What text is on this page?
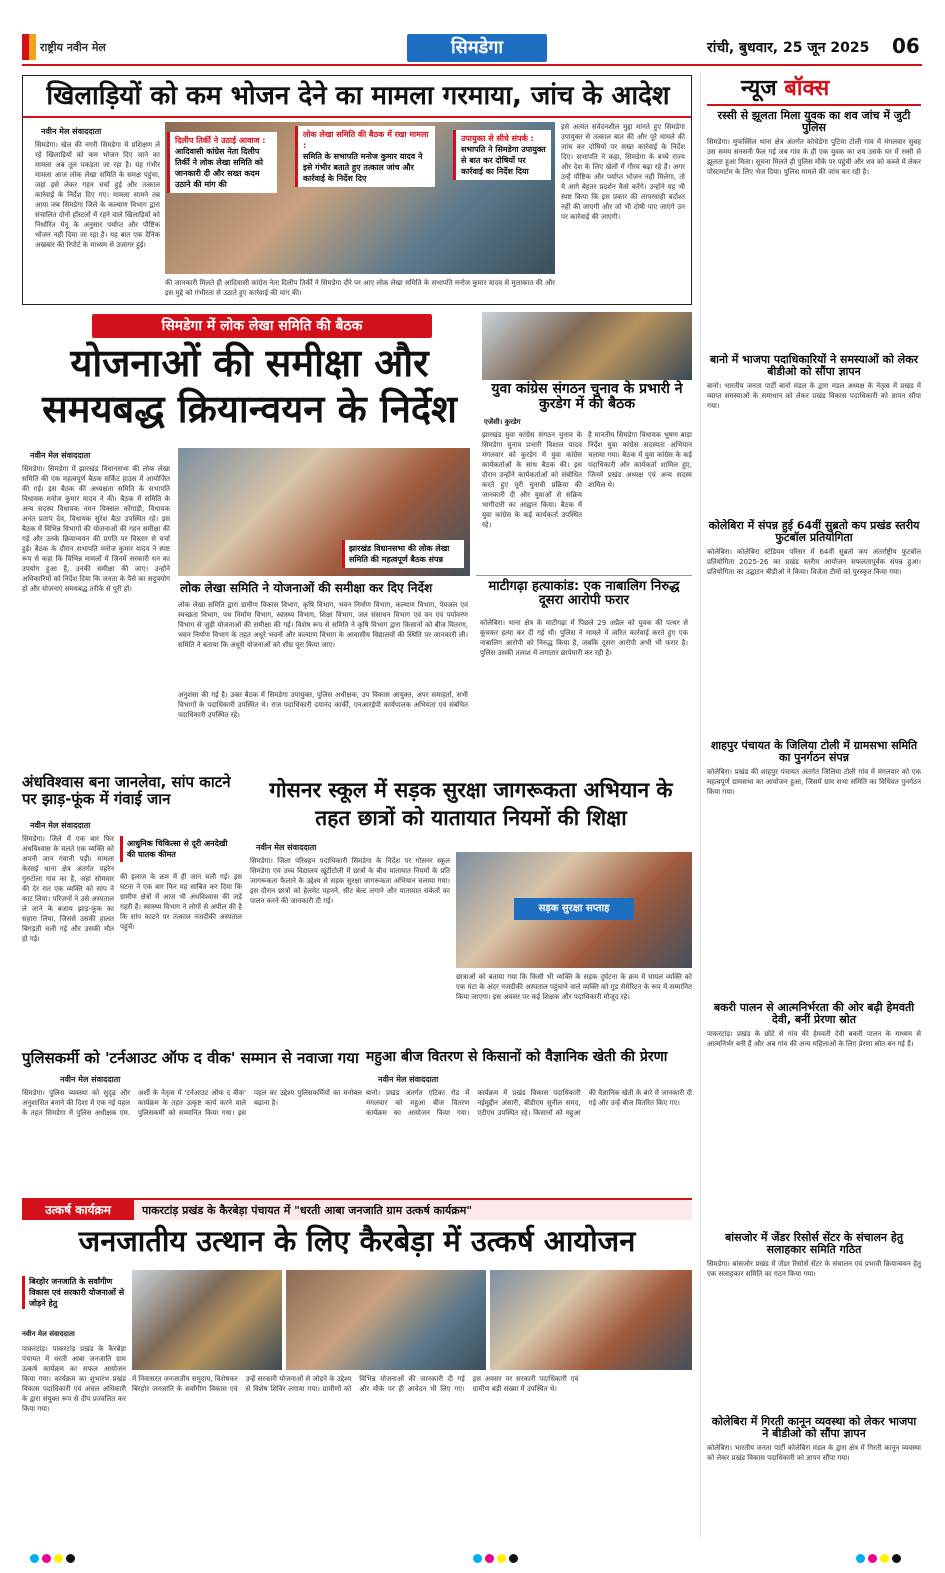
राष्ट्रीय नवीन मेल	सिमडेगा	रांची, बुधवार, 25 जून 2025 06
खिलाड़ियों को कम भोजन देने का मामला गरमाया, जांच के आदेश
नवीन मेल संवाददाता
सिमडेगा। खेल की नगरी सिमडेगा में प्रशिक्षण ले रहे खिलाड़ियों को कम भोजन दिए जाने का मामला अब तूल पकड़ता जा रहा है। यह गंभीर मामला आज लोक लेखा समिति के समक्ष पहुंचा, जहां इसे लेकर गहन चर्चा हुई और तत्काल कार्रवाई के निर्देश दिए गए। मामला सामने तब आया जब सिमडेगा जिले के कल्याण विभाग द्वारा संचालित दोनों हॉस्टलों में रहने वाले खिलाड़ियों को निर्धारित मेनू के अनुसार पर्याप्त और पौष्टिक भोजन नहीं दिया जा रहा है। यह बात एक दैनिक अखबार की रिपोर्ट के माध्यम से उजागर हुई।
दिलीप तिर्की ने उठाई आवाज :
आदिवासी कांग्रेस नेता दिलीप तिर्की ने लोक लेखा समिति को जानकारी दी और सख्त कदम उठाने की मांग की
लोक लेखा समिति की बैठक में रखा मामला :
समिति के सभापति मनोज कुमार यादव ने इसे गंभीर बताते हुए तत्काल जांच और कार्रवाई के निर्देश दिए
उपायुक्त से सीधे संपर्क :
सभापति ने सिमडेगा उपायुक्त से बात कर दोषियों पर कार्रवाई का निर्देश दिया
की जानकारी मिलते ही आदिवासी कांग्रेस नेता दिलीप तिर्की ने सिमडेगा दौरे पर आए लोक लेखा समिति के सभापति मनोज कुमार यादव से मुलाकात की और इस मुद्दे को गंभीरता से उठाते हुए कार्रवाई की मांग की।
इसे अत्यंत संवेदनशील मुद्दा मानते हुए सिमडेगा उपायुक्त से तत्काल बात की और पूरे मामले की जांच कर दोषियों पर सख्त कार्रवाई के निर्देश दिए। सभापति ने कहा, सिमडेगा के बच्चे राज्य और देश के लिए खेलों में गौरव बढ़ा रहे हैं। अगर उन्हें पौष्टिक और पर्याप्त भोजन नहीं मिलेगा, तो ये आगे बेहतर प्रदर्शन कैसे करेंगे। उन्होंने यह भी स्पष्ट किया कि इस प्रकार की लापरवाही बर्दाश्त नहीं की जाएगी और जो भी दोषी पाए जाएंगे उन पर कार्रवाई की जाएगी।
सिमडेगा में लोक लेखा समिति की बैठक
योजनाओं की समीक्षा और समयबद्ध क्रियान्वयन के निर्देश
नवीन मेल संवाददाता
सिमडेगा। सिमडेगा में झारखंड विधानसभा की लोक लेखा समिति की एक महत्वपूर्ण बैठक सर्किट हाउस में आयोजित की गई। इस बैठक की अध्यक्षता समिति के सभापति विधायक मनोज कुमार यादव ने की। बैठक में समिति के अन्य सदस्य विधायक नमन विक्सल कोंगाड़ी, विधायक अनंत प्रताप देव, विधायक सुरेश बैठा उपस्थित रहे। इस बैठक में विभिन्न विभागों की योजनाओं की गहन समीक्षा की गई और उनके क्रियान्वयन की प्रगति पर विस्तार से चर्चा हुई। बैठक के दौरान सभापति मनोज कुमार यादव ने स्पष्ट रूप से कहा कि विभिन्न मामलों में जिनमें सरकारी धन का उपयोग हुआ है, उनकी समीक्षा की जाए। उन्होंने अधिकारियों को निर्देश दिया कि जनता के पैसे का सदुपयोग हो और योजनाएं समयबद्ध तरीके से पूरी हों।
झारखंड विधानसभा की लोक लेखा समिति की महत्वपूर्ण बैठक संपन्न
लोक लेखा समिति ने योजनाओं की समीक्षा कर दिए निर्देश
लोक लेखा समिति द्वारा ग्रामीण विकास विभाग, कृषि विभाग, भवन निर्माण विभाग, कल्याण विभाग, पेयजल एवं स्वच्छता विभाग, पथ निर्माण विभाग, स्वास्थ्य विभाग, शिक्षा विभाग, जल संसाधन विभाग एवं वन एवं पर्यावरण विभाग से जुड़ी योजनाओं की समीक्षा की गई। विशेष रूप से समिति ने कृषि विभाग द्वारा किसानों को बीज वितरण, भवन निर्माण विभाग के तहत अधूरे भवनों और कल्याण विभाग के आवासीय विद्यालयों की स्थिति पर जानकारी ली। समिति ने बताया कि अधूरी योजनाओं को शीघ्र पूरा किया जाए।
अनुशंसा की गई है। उक्त बैठक में सिमडेगा उपायुक्त, पुलिस अधीक्षक, उप विकास आयुक्त, अपर समाहर्ता, सभी विभागों के पदाधिकारी उपस्थित थे। राज पदाधिकारी दयानंद कार्की, एनआरईपी कार्यपालक अभियंता एवं संबंधित पदाधिकारी उपस्थित रहे।
युवा कांग्रेस संगठन चुनाव के प्रभारी ने कुरडेग में की बैठक
एजेंसी। कुरडेग
झारखंड युवा कांग्रेस संगठन चुनाव के सिमडेगा चुनाव प्रभारी विशाल यादव मंगलवार को कुरडेग में युवा कांग्रेस कार्यकर्ताओं के साथ बैठक की। इस दौरान उन्होंने कार्यकर्ताओं को संबोधित करते हुए पूरी चुनावी प्रक्रिया की जानकारी दी और युवाओं से सक्रिय भागीदारी का आह्वान किया। बैठक में युवा कांग्रेस के कई कार्यकर्ता उपस्थित रहे।
है मानतीय सिमडेगा विधायक भूषण बाड़ा निर्देश युवा कांग्रेस सदस्यता अभियान चलाया गया। बैठक में युवा कांग्रेस के कई पदाधिकारी और कार्यकर्ता शामिल हुए, जिनमें प्रखंड अध्यक्ष एवं अन्य सदस्य शामिल थे।
माटीगढ़ा हत्याकांड: एक नाबालिग निरुद्ध दूसरा आरोपी फरार
कोलेबिरा। थाना क्षेत्र के माटीगढ़ा में पिछले 29 अप्रैल को युवक की पत्थर से कूचकर हत्या कर दी गई थी। पुलिस ने मामले में त्वरित कार्रवाई करते हुए एक नाबालिग आरोपी को निरुद्ध किया है, जबकि दूसरा आरोपी अभी भी फरार है। पुलिस उसकी तलाश में लगातार छापेमारी कर रही है।
अंधविश्वास बना जानलेवा, सांप काटने पर झाड़-फूंक में गंवाई जान
नवीन मेल संवाददाता
सिमडेगा। जिले में एक बार फिर अंधविश्वास के चलते एक व्यक्ति को अपनी जान गंवानी पड़ी। मामला केरसई थाना क्षेत्र अंतर्गत पहरेन गुरुटोला गांव का है, जहां सोमवार की देर रात एक व्यक्ति को सांप ने काट लिया। परिजनों ने उसे अस्पताल ले जाने के बजाय झाड़-फूंक का सहारा लिया, जिससे उसकी हालत बिगड़ती चली गई और उसकी मौत हो गई।
आधुनिक चिकित्सा से दूरी अनदेखी की घातक कीमत
की इलाज के क्रम में ही जान चली गई। इस घटना ने एक बार फिर यह साबित कर दिया कि ग्रामीण क्षेत्रों में आज भी अंधविश्वास की जड़ें गहरी हैं। स्वास्थ्य विभाग ने लोगों से अपील की है कि सांप काटने पर तत्काल नजदीकी अस्पताल पहुंचें।
गोसनर स्कूल में सड़क सुरक्षा जागरूकता अभियान के तहत छात्रों को यातायात नियमों की शिक्षा
नवीन मेल संवाददाता
सिमडेगा। जिला परिवहन पदाधिकारी सिमडेगा के निर्देश पर गोसनर स्कूल सिमडेगा एवं उच्च विद्यालय खूंटीटोली में छात्रों के बीच यातायात नियमों के प्रति जागरूकता फैलाने के उद्देश्य से सड़क सुरक्षा जागरूकता अभियान चलाया गया। इस दौरान छात्रों को हेलमेट पहनने, सीट बेल्ट लगाने और यातायात संकेतों का पालन करने की जानकारी दी गई।
सड़क सुरक्षा सप्ताह
छात्राओं को बताया गया कि किसी भी व्यक्ति के सड़क दुर्घटना के क्रम में घायल व्यक्ति को एक घंटा के अंदर नजदीकी अस्पताल पहुंचाने वाले व्यक्ति को गुड सेमेरिटन के रूप में सम्मानित किया जाएगा। इस अवसर पर कई शिक्षक और पदाधिकारी मौजूद रहे।
पुलिसकर्मी को 'टर्नआउट ऑफ द वीक' सम्मान से नवाजा गया
नवीन मेल संवाददाता
सिमडेगा। पुलिस व्यवस्था को सुदृढ़ और अनुशासित बनाने की दिशा में एक नई पहल के तहत सिमडेगा में पुलिस अधीक्षक एम. अर्शी के नेतृत्व में 'टर्नआउट ऑफ द वीक' कार्यक्रम के तहत उत्कृष्ट कार्य करने वाले पुलिसकर्मी को सम्मानित किया गया। इस पहल का उद्देश्य पुलिसकर्मियों का मनोबल बढ़ाना है।
महुआ बीज वितरण से किसानों को वैज्ञानिक खेती की प्रेरणा
नवीन मेल संवाददाता
बानो। प्रखंड अंतर्गत एटिका रोड में मंगलवार को महुआ बीज वितरण कार्यक्रम का आयोजन किया गया। कार्यक्रम में प्रखंड विकास पदाधिकारी नईमुद्दीन अंसारी, बीडीएम सुनील समद, एटीएम उपस्थित रहे। किसानों को महुआ की वैज्ञानिक खेती के बारे में जानकारी दी गई और उन्हें बीज वितरित किए गए।
उत्कर्ष कार्यक्रम	पाकरटांड़ प्रखंड के कैरबेड़ा पंचायत में "धरती आबा जनजाति ग्राम उत्कर्ष कार्यक्रम"
जनजातीय उत्थान के लिए कैरबेड़ा में उत्कर्ष आयोजन
बिरहोर जनजाति के सर्वांगीण विकास एवं सरकारी योजनाओं से जोड़ने हेतु
नवीन मेल संवाददाता
पाकरटांड़। पाकरटांड़ प्रखंड के कैरबेड़ा पंचायत में धरती आबा जनजाति ग्राम उत्कर्ष कार्यक्रम का सफल आयोजन किया गया। कार्यक्रम का शुभारंभ प्रखंड विकास पदाधिकारी एवं अंचल अधिकारी के द्वारा संयुक्त रूप से दीप प्रज्वलित कर किया गया।
में निवासरत जनजातीय समुदाय, विशेषकर बिरहोर जनजाति के सर्वांगीण विकास एवं उन्हें सरकारी योजनाओं से जोड़ने के उद्देश्य से विशेष शिविर लगाया गया। ग्रामीणों को विभिन्न योजनाओं की जानकारी दी गई और मौके पर ही आवेदन भी लिए गए। इस अवसर पर सरकारी पदाधिकारी एवं ग्रामीण बड़ी संख्या में उपस्थित थे।
न्यूज बॉक्स
रस्सी से झूलता मिला युवक का शव जांच में जुटी पुलिस
सिमडेगा। मुफस्सिल थाना क्षेत्र अंतर्गत कोचेडेगा पुटिया टोली गांव में मंगलवार सुबह उस समय सनसनी फैल गई जब गांव के ही एक युवक का शव उसके घर में रस्सी से झूलता हुआ मिला। सूचना मिलते ही पुलिस मौके पर पहुंची और शव को कब्जे में लेकर पोस्टमार्टम के लिए भेज दिया। पुलिस मामले की जांच कर रही है।
बानो में भाजपा पदाधिकारियों ने समस्याओं को लेकर बीडीओ को सौंपा ज्ञापन
बानो। भारतीय जनता पार्टी बानो मंडल के द्वारा मंडल अध्यक्ष के नेतृत्व में प्रखंड में व्याप्त समस्याओं के समाधान को लेकर प्रखंड विकास पदाधिकारी को ज्ञापन सौंपा गया।
कोलेबिरा में संपन्न हुई 64वीं सुब्रतो कप प्रखंड स्तरीय फुटबॉल प्रतियोगिता
कोलेबिरा। कोलेबिरा स्टेडियम परिसर में 64वीं सुब्रतो कप अंतर्राष्ट्रीय फुटबॉल प्रतियोगिता 2025-26 का प्रखंड स्तरीय आयोजन सफलतापूर्वक संपन्न हुआ। प्रतियोगिता का उद्घाटन बीडीओ ने किया। विजेता टीमों को पुरस्कृत किया गया।
शाहपुर पंचायत के जिलिया टोली में ग्रामसभा समिति का पुनर्गठन संपन्न
कोलेबिरा। प्रखंड की शाहपुर पंचायत अंतर्गत जिलिया टोली गांव में मंगलवार को एक महत्वपूर्ण ग्रामसभा का आयोजन हुआ, जिसमें ग्राम सभा समिति का विधिवत पुनर्गठन किया गया।
बकरी पालन से आत्मनिर्भरता की ओर बढ़ी हेमवती देवी, बनीं प्रेरणा स्रोत
पाकरटांड़। प्रखंड के छोटे से गांव की हेमवती देवी बकरी पालन के माध्यम से आत्मनिर्भर बनी हैं और अब गांव की अन्य महिलाओं के लिए प्रेरणा स्रोत बन गई हैं।
बांसजोर में जेंडर रिसोर्स सेंटर के संचालन हेतु सलाहकार समिति गठित
सिमडेगा। बांसजोर प्रखंड में जेंडर रिसोर्स सेंटर के संचालन एवं प्रभावी क्रियान्वयन हेतु एक सलाहकार समिति का गठन किया गया।
कोलेबिरा में गिरती कानून व्यवस्था को लेकर भाजपा ने बीडीओ को सौंपा ज्ञापन
कोलेबिरा। भारतीय जनता पार्टी कोलेबिरा मंडल के द्वारा क्षेत्र में गिरती कानून व्यवस्था को लेकर प्रखंड विकास पदाधिकारी को ज्ञापन सौंपा गया।
